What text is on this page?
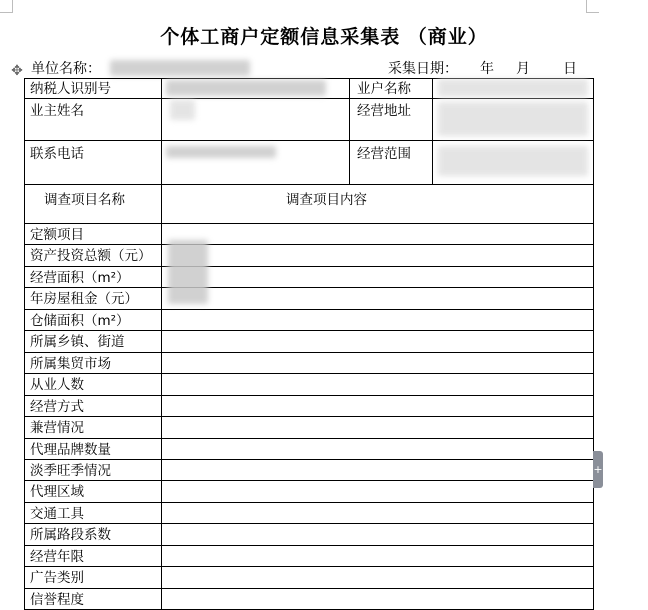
个体工商户定额信息采集表 （商业）
✥ 单位名称：	采集日期： 年 月 日
纳税人识别号	业户名称
业主姓名	经营地址
联系电话	经营范围
调查项目名称	调查项目内容
定额项目
资产投资总额（元）
经营面积（m²）
年房屋租金（元）
仓储面积（m²）
所属乡镇、街道
所属集贸市场
从业人数
经营方式
兼营情况
代理品牌数量
淡季旺季情况
代理区域
交通工具
所属路段系数
经营年限
广告类别
信誉程度
+
